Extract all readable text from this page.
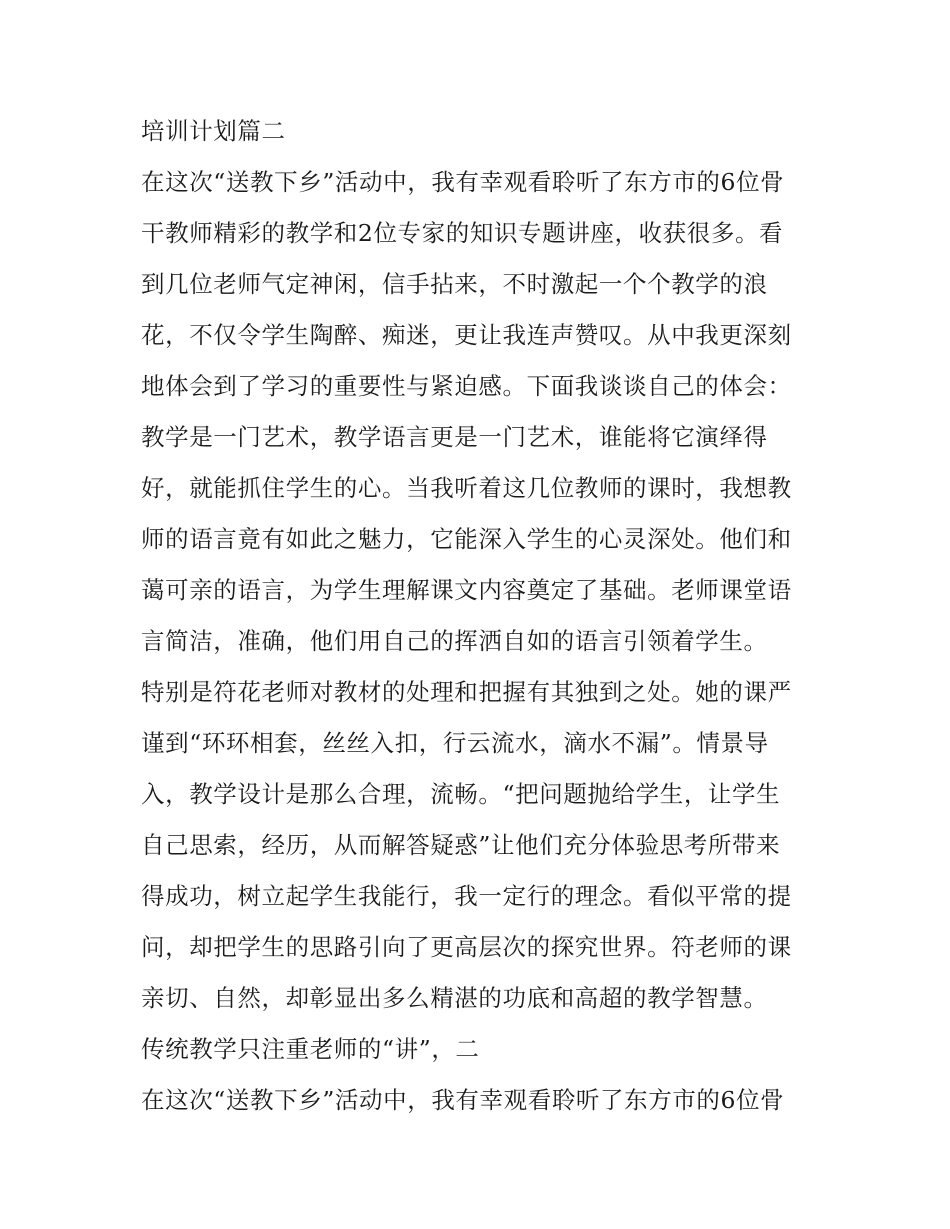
培训计划篇二
在这次“送教下乡”活动中，我有幸观看聆听了东方市的6位骨
干教师精彩的教学和2位专家的知识专题讲座，收获很多。看
到几位老师气定神闲，信手拈来，不时激起一个个教学的浪
花，不仅令学生陶醉、痴迷，更让我连声赞叹。从中我更深刻
地体会到了学习的重要性与紧迫感。下面我谈谈自己的体会：
教学是一门艺术，教学语言更是一门艺术，谁能将它演绎得
好，就能抓住学生的心。当我听着这几位教师的课时，我想教
师的语言竟有如此之魅力，它能深入学生的心灵深处。他们和
蔼可亲的语言，为学生理解课文内容奠定了基础。老师课堂语
言简洁，准确，他们用自己的挥洒自如的语言引领着学生。
特别是符花老师对教材的处理和把握有其独到之处。她的课严
谨到“环环相套，丝丝入扣，行云流水，滴水不漏”。情景导
入，教学设计是那么合理，流畅。“把问题抛给学生，让学生
自己思索，经历，从而解答疑惑”让他们充分体验思考所带来
得成功，树立起学生我能行，我一定行的理念。看似平常的提
问，却把学生的思路引向了更高层次的探究世界。符老师的课
亲切、自然，却彰显出多么精湛的功底和高超的教学智慧。
传统教学只注重老师的“讲”，二
在这次“送教下乡”活动中，我有幸观看聆听了东方市的6位骨
